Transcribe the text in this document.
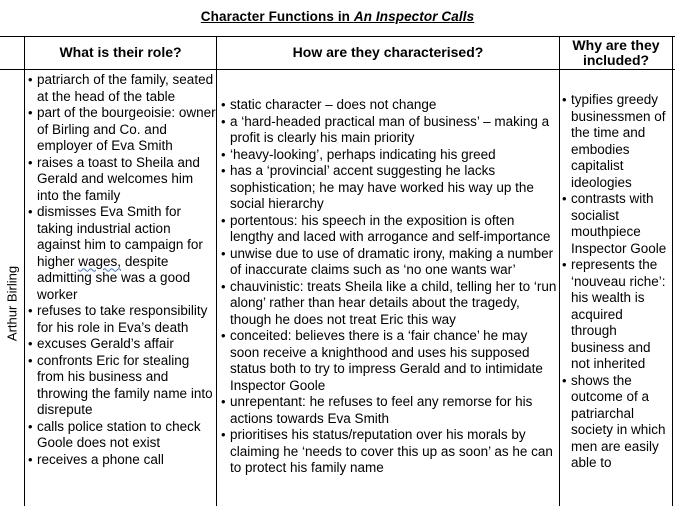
Character Functions in An Inspector Calls
What is their role?	How are they characterised?	Why are they included?
Arthur Birling
• patriarch of the family, seated at the head of the table
• part of the bourgeoisie: owner of Birling and Co. and employer of Eva Smith
• raises a toast to Sheila and Gerald and welcomes him into the family
• dismisses Eva Smith for taking industrial action against him to campaign for higher wages, despite admitting she was a good worker
• refuses to take responsibility for his role in Eva’s death
• excuses Gerald’s affair
• confronts Eric for stealing from his business and throwing the family name into disrepute
• calls police station to check Goole does not exist
• receives a phone call
• static character – does not change
• a ‘hard-headed practical man of business’ – making a profit is clearly his main priority
• ‘heavy-looking’, perhaps indicating his greed
• has a ‘provincial’ accent suggesting he lacks sophistication; he may have worked his way up the social hierarchy
• portentous: his speech in the exposition is often lengthy and laced with arrogance and self-importance
• unwise due to use of dramatic irony, making a number of inaccurate claims such as ‘no one wants war’
• chauvinistic: treats Sheila like a child, telling her to ‘run along’ rather than hear details about the tragedy, though he does not treat Eric this way
• conceited: believes there is a ‘fair chance’ he may soon receive a knighthood and uses his supposed status both to try to impress Gerald and to intimidate Inspector Goole
• unrepentant: he refuses to feel any remorse for his actions towards Eva Smith
• prioritises his status/reputation over his morals by claiming he ‘needs to cover this up as soon’ as he can to protect his family name
• typifies greedy businessmen of the time and embodies capitalist ideologies
• contrasts with socialist mouthpiece Inspector Goole
• represents the ‘nouveau riche’: his wealth is acquired through business and not inherited
• shows the outcome of a patriarchal society in which men are easily able to
